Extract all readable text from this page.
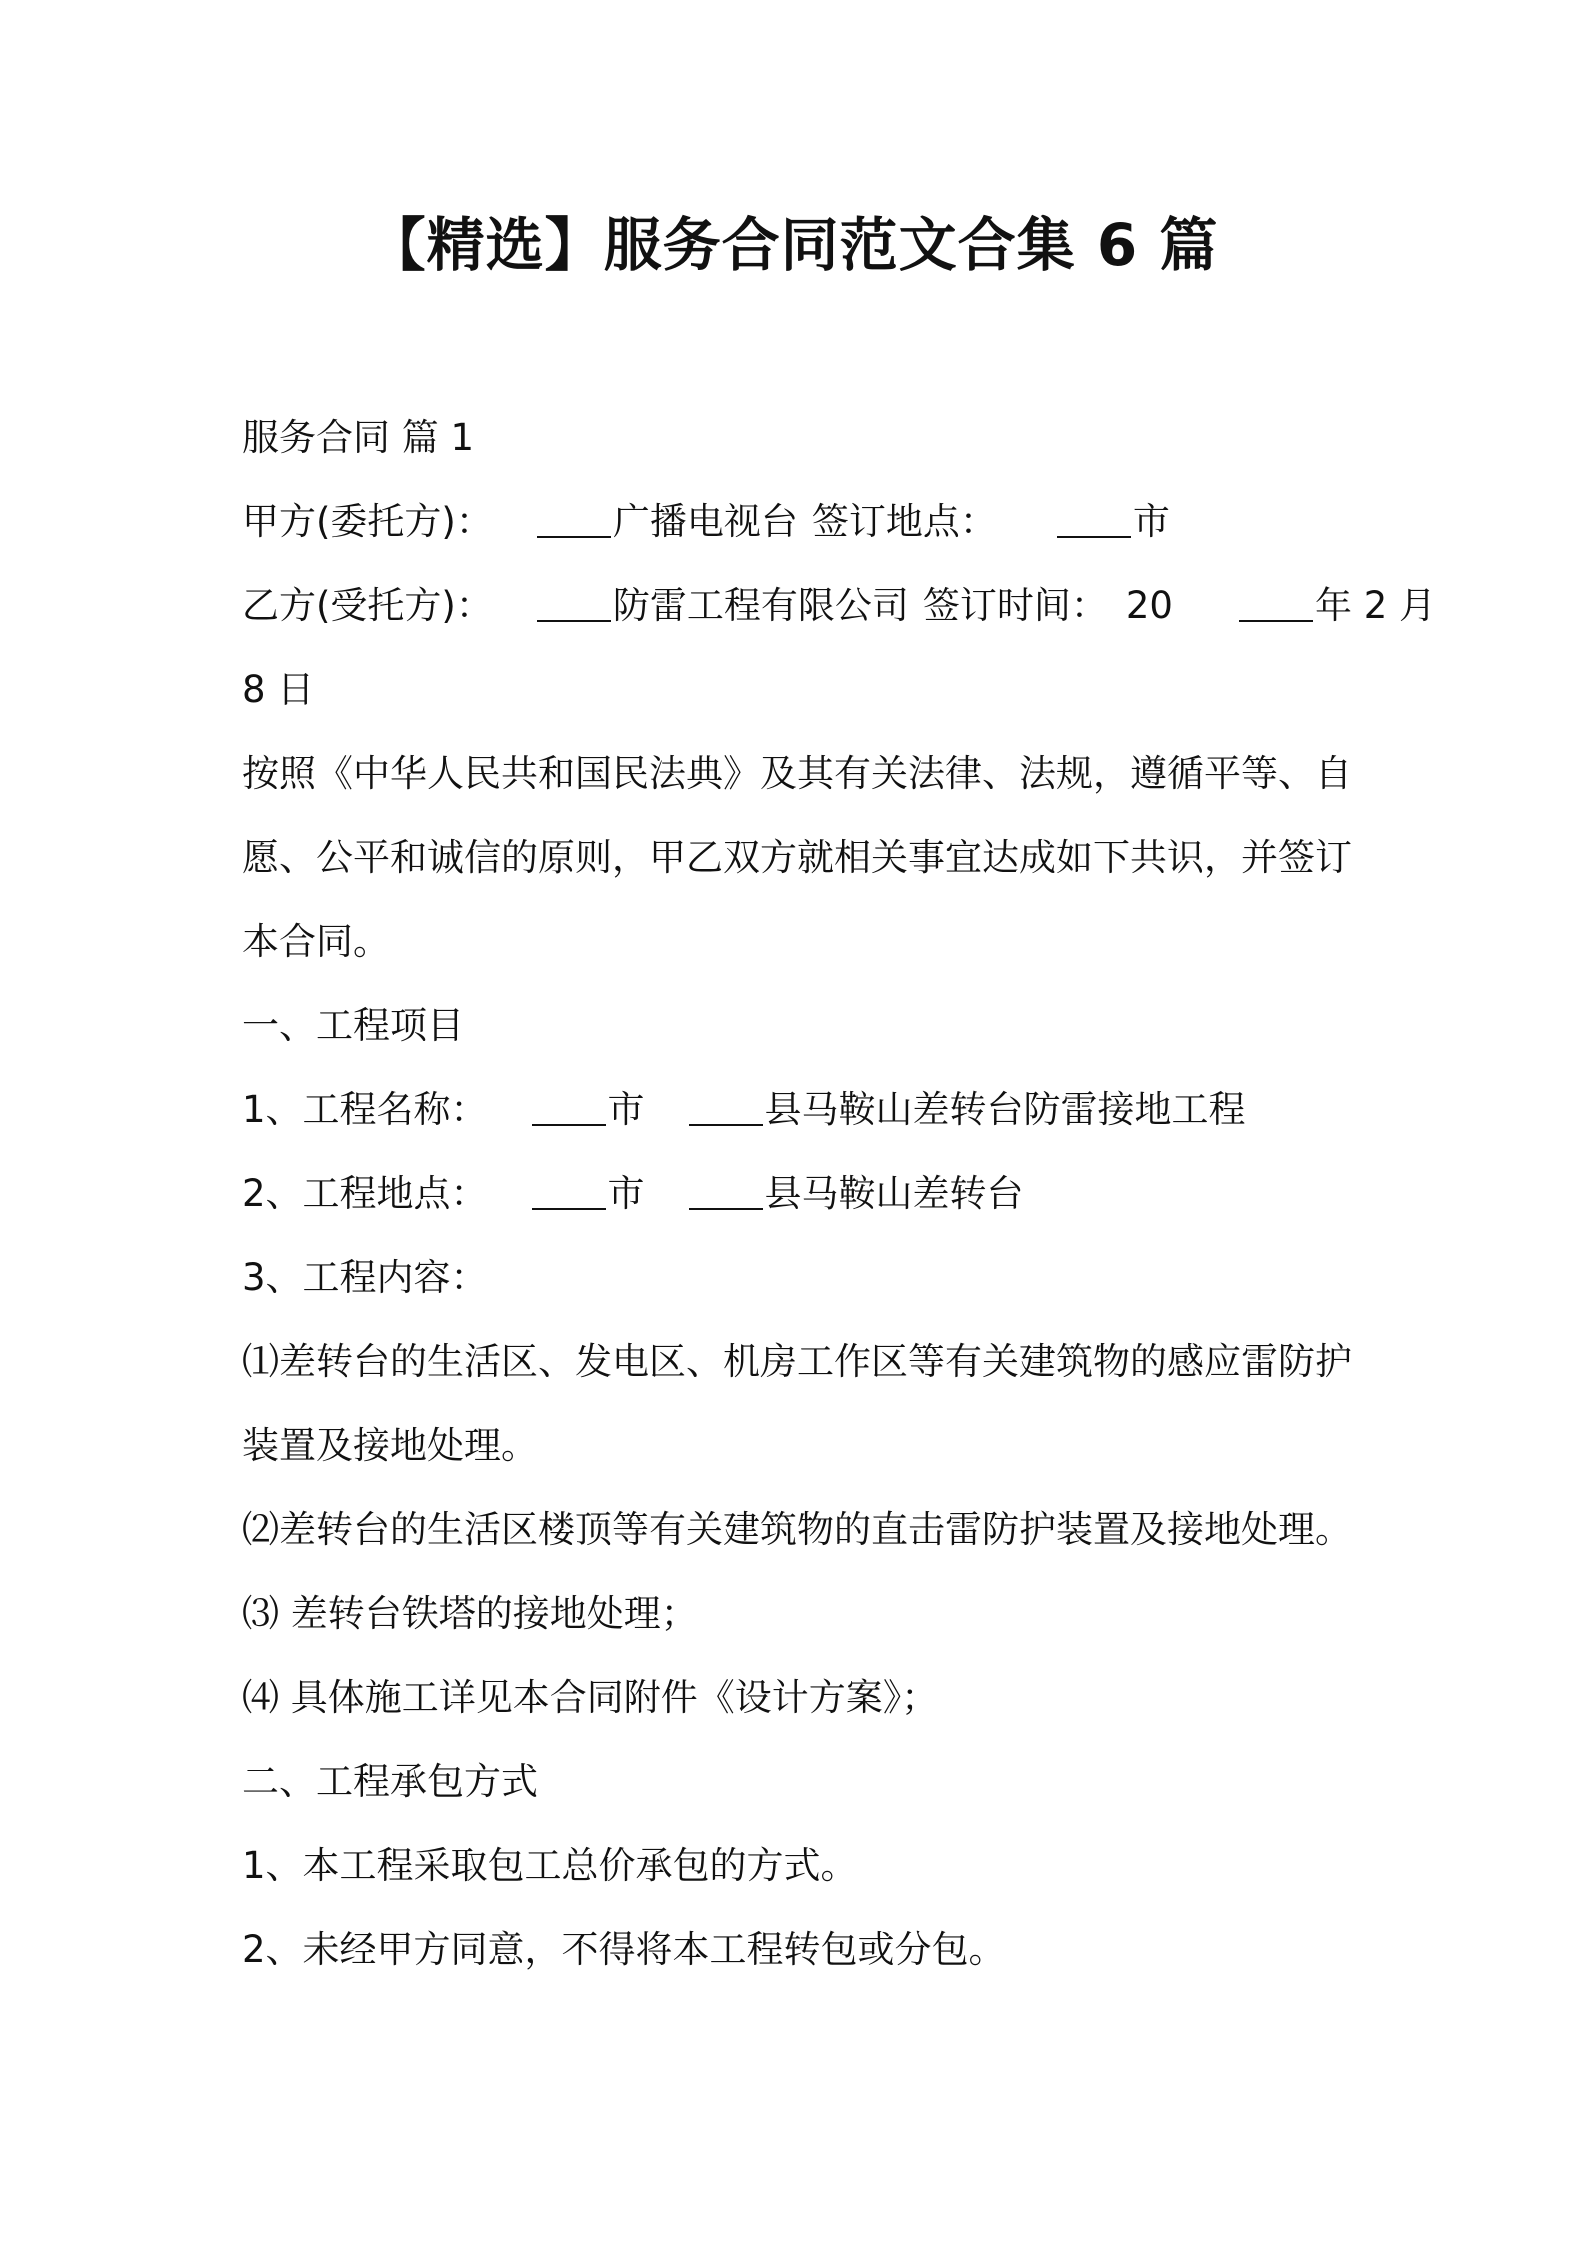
【精选】服务合同范文合集 6 篇
服务合同 篇 1
甲方(委托方)：	广播电视台 签订地点：	市
乙方(受托方)：	防雷工程有限公司 签订时间： 20	年 2 月
8 日
按照《中华人民共和国民法典》及其有关法律、法规，遵循平等、自
愿、公平和诚信的原则，甲乙双方就相关事宜达成如下共识，并签订
本合同。
一、工程项目
1、工程名称：	市	县马鞍山差转台防雷接地工程
2、工程地点：	市	县马鞍山差转台
3、工程内容：
⑴差转台的生活区、发电区、机房工作区等有关建筑物的感应雷防护
装置及接地处理。
⑵差转台的生活区楼顶等有关建筑物的直击雷防护装置及接地处理。
⑶ 差转台铁塔的接地处理；
⑷ 具体施工详见本合同附件《设计方案》；
二、工程承包方式
1、本工程采取包工总价承包的方式。
2、未经甲方同意，不得将本工程转包或分包。
